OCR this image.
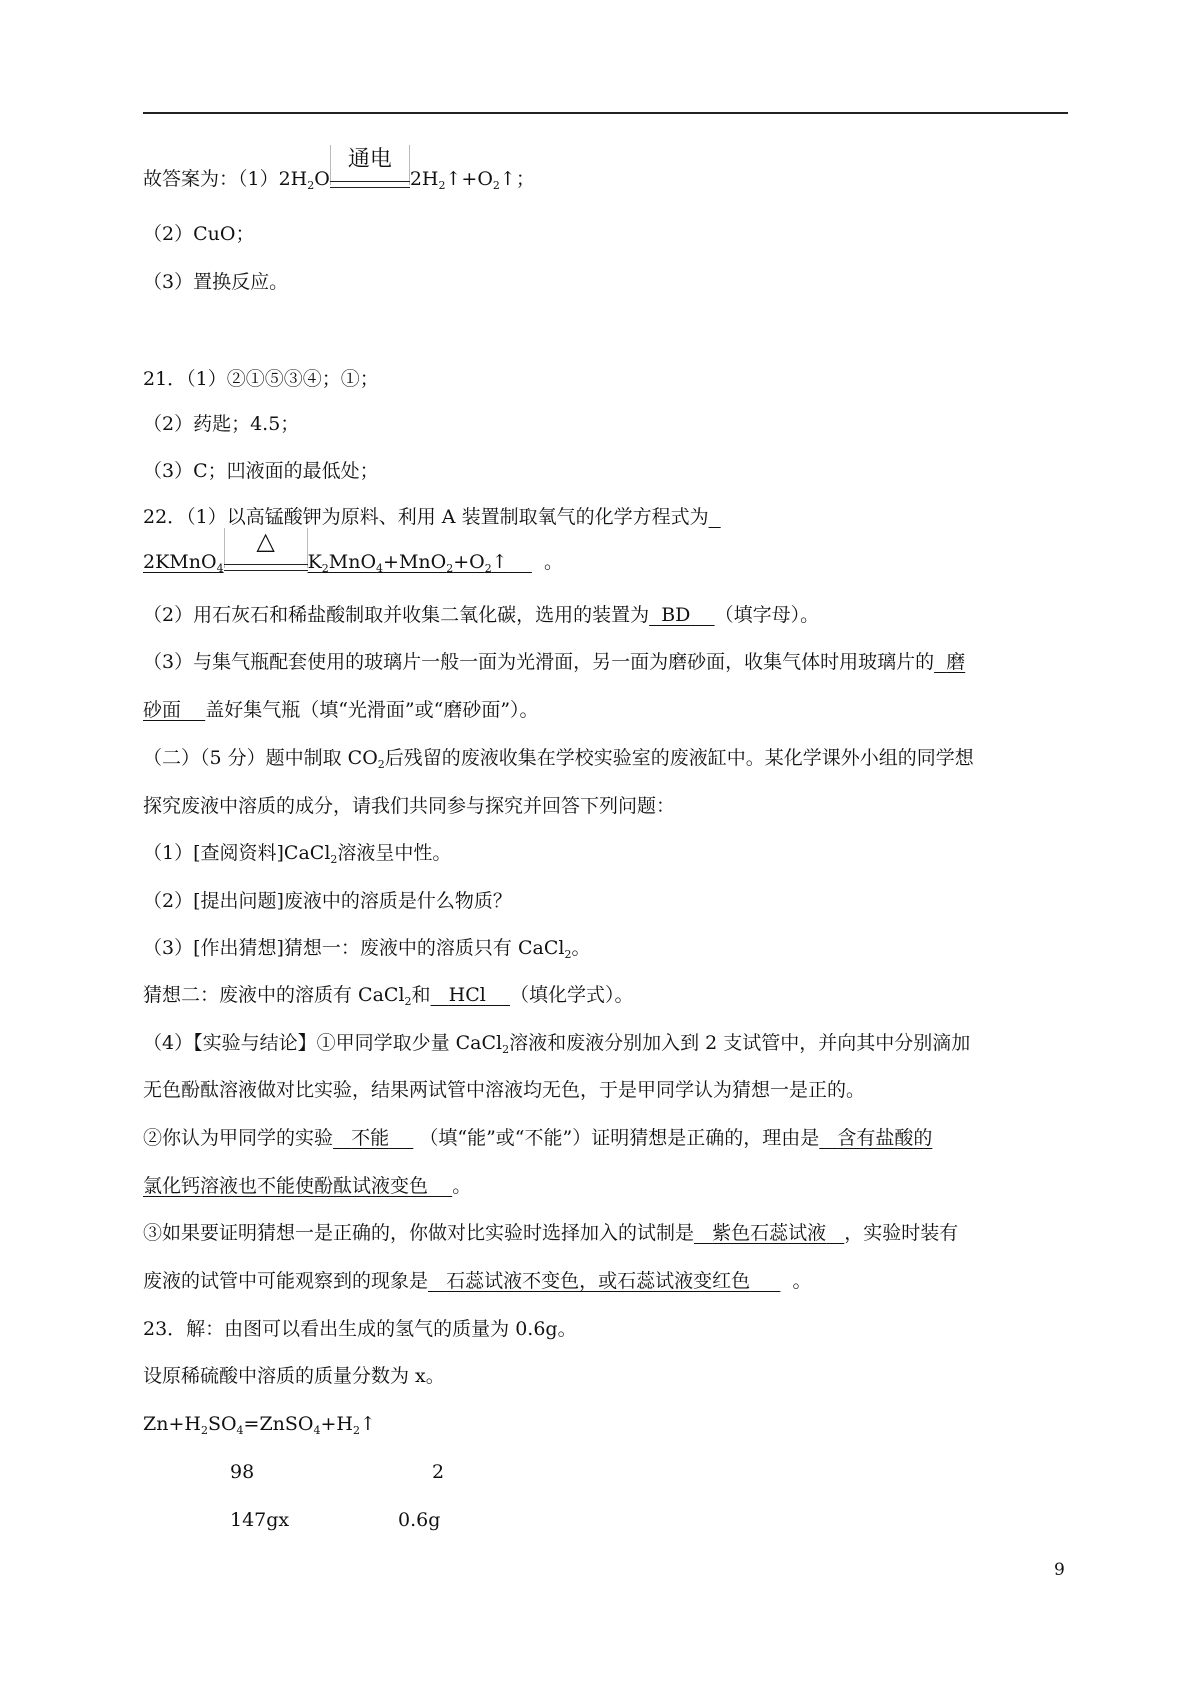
故答案为：$(1)2H_2O$
通电
$2H_2↑+O_2↑$；
（2）CuO；
（3）置换反应。
21．（1）②①⑤③④；①；
（2）药匙；4.5；
（3）C；凹液面的最低处；
22．（1）以高锰酸钾为原料、利用 A 装置制取氧气的化学方程式为
2KMnO$_4$
△
$K_2MnO_4+MnO_2+O_2↑$ 。
（2）用石灰石和稀盐酸制取并收集二氧化碳，选用的装置为 BD （填字母）。
（3）与集气瓶配套使用的玻璃片一般一面为光滑面，另一面为磨砂面，收集气体时用玻璃片的 磨
砂面 盖好集气瓶（填“光滑面”或“磨砂面”）。
（二）（5 分）题中制取 $CO_2$后残留的废液收集在学校实验室的废液缸中。某化学课外小组的同学想
探究废液中溶质的成分，请我们共同参与探究并回答下列问题：
（1）[查阅资料]CaCl$_2$溶液呈中性。
（2）[提出问题]废液中的溶质是什么物质？
（3）[作出猜想]猜想一：废液中的溶质只有 CaCl$_2$。
猜想二：废液中的溶质有 CaCl$_2$和 HCl （填化学式）。
（4）【实验与结论】①甲同学取少量 CaCl$_2$溶液和废液分别加入到 2 支试管中，并向其中分别滴加
无色酚酞溶液做对比实验，结果两试管中溶液均无色，于是甲同学认为猜想一是正的。
②你认为甲同学的实验 不能 （填“能”或“不能”）证明猜想是正确的，理由是 含有盐酸的
氯化钙溶液也不能使酚酞试液变色 。
③如果要证明猜想一是正确的，你做对比实验时选择加入的试制是 紫色石蕊试液 ，实验时装有
废液的试管中可能观察到的现象是 石蕊试液不变色，或石蕊试液变红色 。
23．解：由图可以看出生成的氢气的质量为 0.6g。
设原稀硫酸中溶质的质量分数为 x。
$Zn+H_2SO_4=ZnSO_4+H_2↑$
98	2
147gx	0.6g
9
